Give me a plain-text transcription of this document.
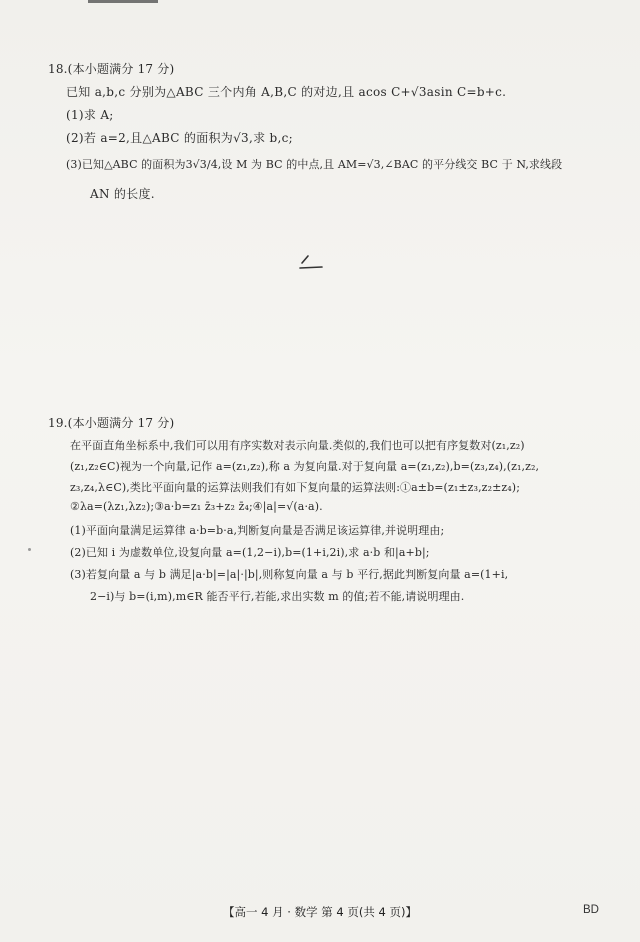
18.(本小题满分 17 分)
已知 a,b,c 分别为△ABC 三个内角 A,B,C 的对边,且 acos C+√3asin C=b+c.
(1)求 A;
(2)若 a=2,且△ABC 的面积为√3,求 b,c;
(3)已知△ABC 的面积为3√3/4,设 M 为 BC 的中点,且 AM=√3,∠BAC 的平分线交 BC 于 N,求线段
AN 的长度.
19.(本小题满分 17 分)
在平面直角坐标系中,我们可以用有序实数对表示向量.类似的,我们也可以把有序复数对(z₁,z₂)
(z₁,z₂∈C)视为一个向量,记作 a=(z₁,z₂),称 a 为复向量.对于复向量 a=(z₁,z₂),b=(z₃,z₄),(z₁,z₂,
z₃,z₄,λ∈C),类比平面向量的运算法则我们有如下复向量的运算法则:①a±b=(z₁±z₃,z₂±z₄);
②λa=(λz₁,λz₂);③a·b=z₁ z̄₃+z₂ z̄₄;④|a|=√(a·a).
(1)平面向量满足运算律 a·b=b·a,判断复向量是否满足该运算律,并说明理由;
(2)已知 i 为虚数单位,设复向量 a=(1,2−i),b=(1+i,2i),求 a·b 和|a+b|;
(3)若复向量 a 与 b 满足|a·b|=|a|·|b|,则称复向量 a 与 b 平行,据此判断复向量 a=(1+i,
2−i)与 b=(i,m),m∈R 能否平行,若能,求出实数 m 的值;若不能,请说明理由.
【高一 4 月 · 数学 第 4 页(共 4 页)】	BD
